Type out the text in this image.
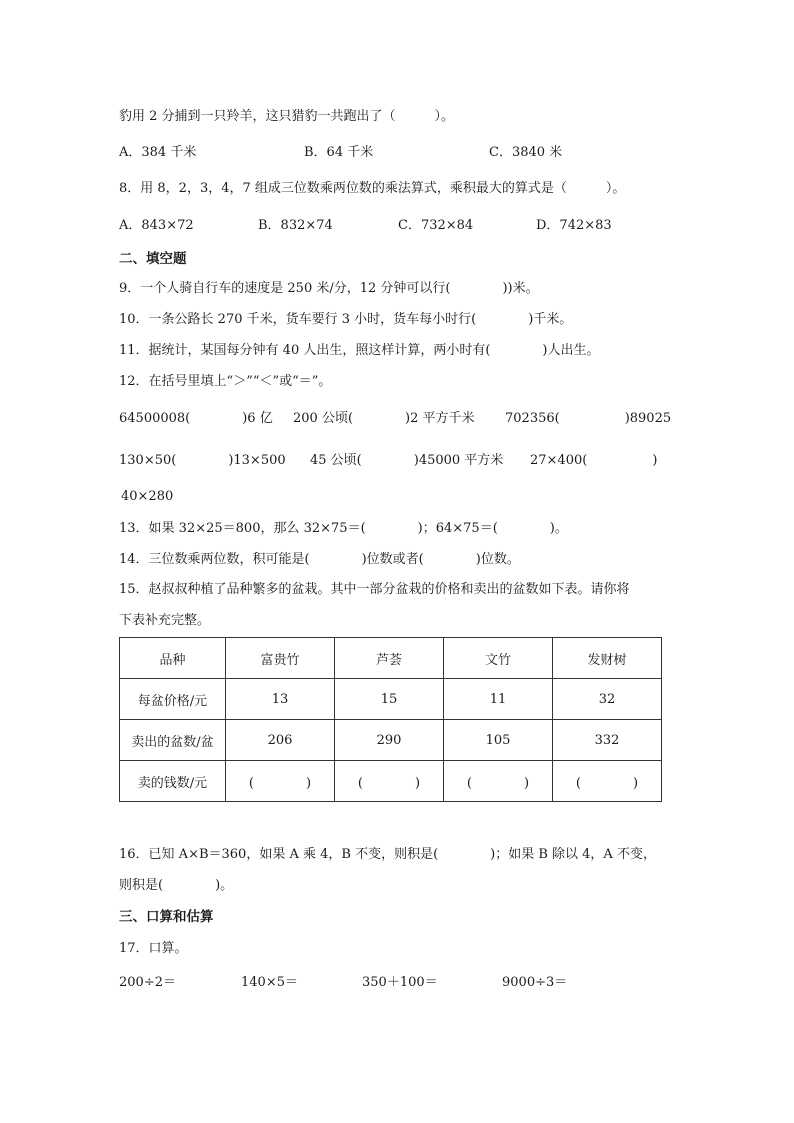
豹用 2 分捕到一只羚羊，这只猎豹一共跑出了（　　　）。
A．384 千米	B．64 千米	C．3840 米
8．用 8，2，3，4，7 组成三位数乘两位数的乘法算式，乘积最大的算式是（　　　）。
A．843×72	B．832×74	C．732×84	D．742×83
二、填空题
9．一个人骑自行车的速度是 250 米/分，12 分钟可以行(　　　　))米。
10．一条公路长 270 千米，货车要行 3 小时，货车每小时行(　　　　)千米。
11．据统计，某国每分钟有 40 人出生，照这样计算，两小时有(　　　　)人出生。
12．在括号里填上“＞”“＜”或“＝”。
64500008(　　　　)6 亿 200 公顷(　　　　)2 平方千米 702356(　　　　　)89025
130×50(　　　　)13×500 45 公顷(　　　　)45000 平方米 27×400(　　　　　)
40×280
13．如果 32×25＝800，那么 32×75＝(　　　　)；64×75＝(　　　　)。
14．三位数乘两位数，积可能是(　　　　)位数或者(　　　　)位数。
15．赵叔叔种植了品种繁多的盆栽。其中一部分盆栽的价格和卖出的盆数如下表。请你将
下表补充完整。
品种	富贵竹	芦荟	文竹	发财树
每盆价格/元	13	15	11	32
卖出的盆数/盆	206	290	105	332
卖的钱数/元	(　　　　)	(　　　　)	(　　　　)	(　　　　)
16．已知 A×B＝360，如果 A 乘 4，B 不变，则积是(　　　　)；如果 B 除以 4，A 不变，
则积是(　　　　)。
三、口算和估算
17．口算。
200÷2＝	140×5＝	350＋100＝	9000÷3＝
